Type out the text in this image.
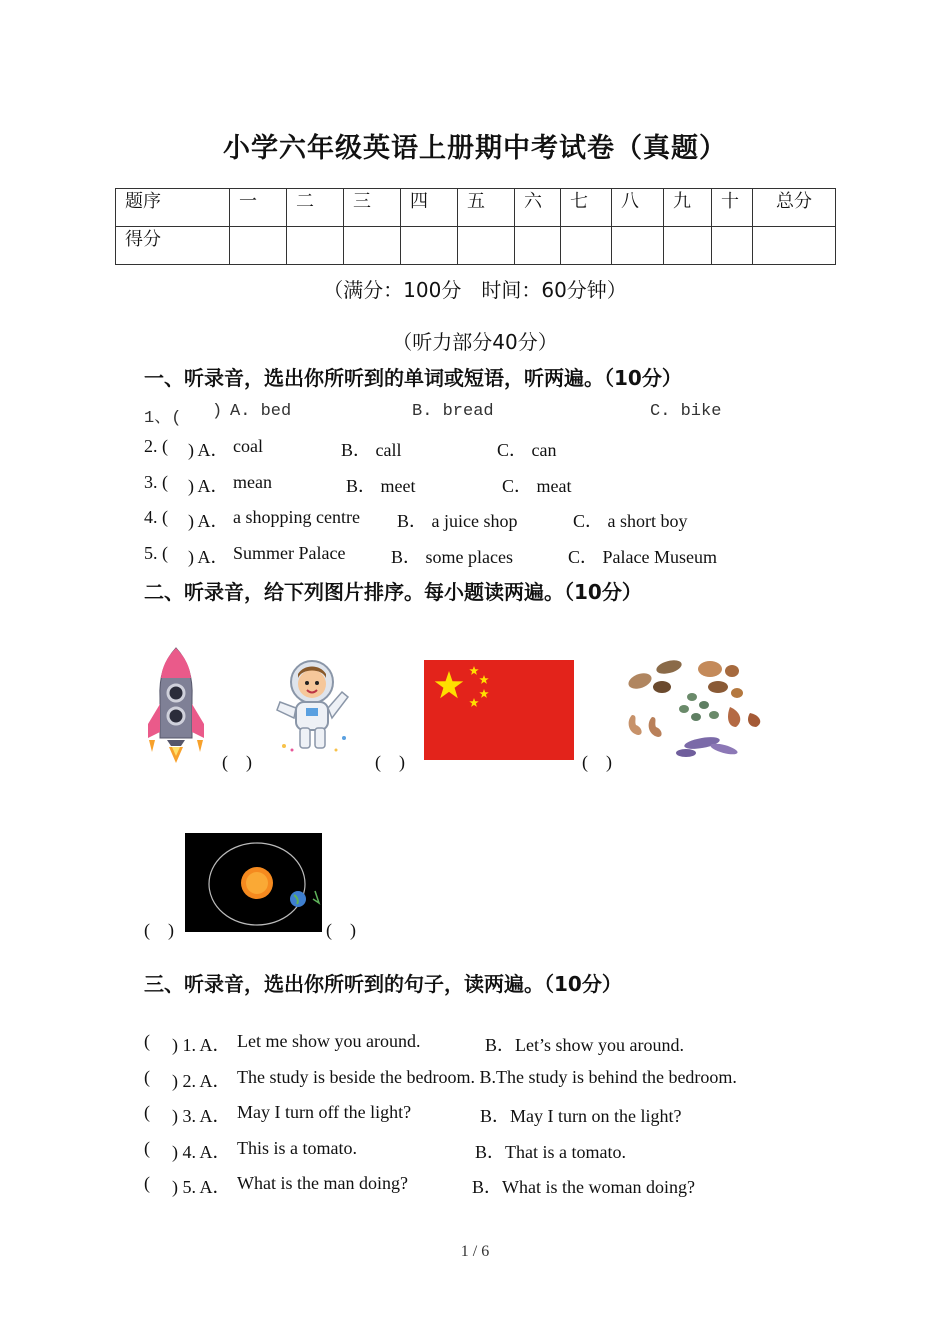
小学六年级英语上册期中考试卷（真题）
题序	一	二	三	四	五	六	七	八	九	十	总分
得分											
（满分：100分　时间：60分钟）
（听力部分40分）
一、听录音，选出你所听到的单词或短语，听两遍。（10分）
1、( ) A. bed	B. bread	C. bike
2. ( ) A． coal	B． call	C． can
3. ( ) A． mean	B． meet	C． meat
4. ( ) A． a shopping centre B． a juice shop	C． a short boy
5. ( ) A． Summer Palace	B． some places	C． Palace Museum
二、听录音，给下列图片排序。每小题读两遍。（10分）
(　)	(　)	(　)
(　)	(　)
三、听录音，选出你所听到的句子，读两遍。（10分）
( ) 1. A． Let me show you around.	B．Let’s show you around.
( ) 2. A． The study is beside the bedroom. B.The study is behind the bedroom.
( ) 3. A． May I turn off the light?	B．May I turn on the light?
( ) 4. A． This is a tomato.	B．That is a tomato.
( ) 5. A． What is the man doing?	B．What is the woman doing?
1 / 6
